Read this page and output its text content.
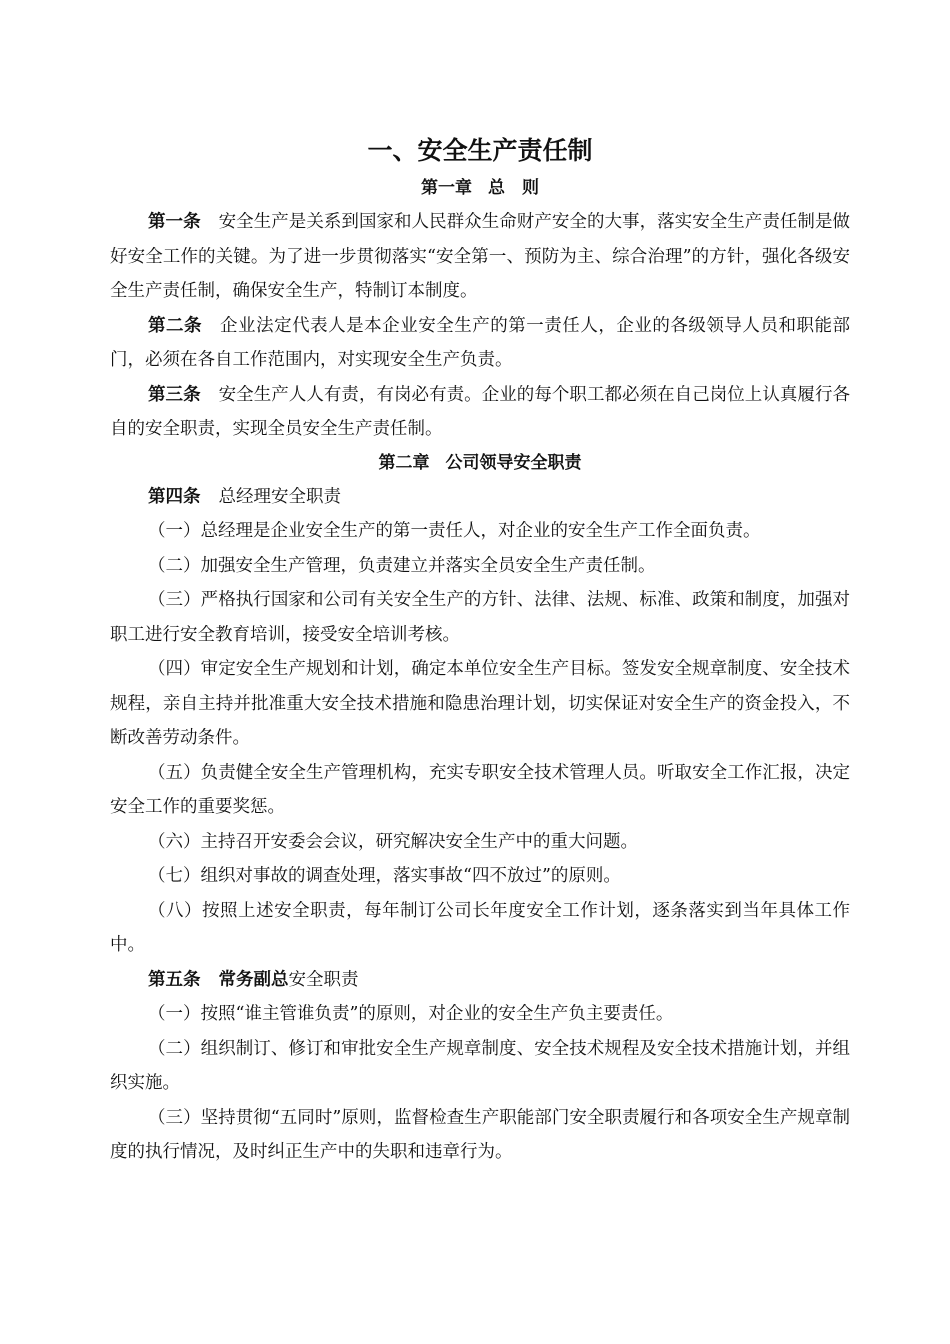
一、安全生产责任制
第一章 总　则

第一条 安全生产是关系到国家和人民群众生命财产安全的大事，落实安全生产责任制是做好安全工作的关键。为了进一步贯彻落实“安全第一、预防为主、综合治理”的方针，强化各级安全生产责任制，确保安全生产，特制订本制度。

第二条 企业法定代表人是本企业安全生产的第一责任人，企业的各级领导人员和职能部门，必须在各自工作范围内，对实现安全生产负责。

第三条 安全生产人人有责，有岗必有责。企业的每个职工都必须在自己岗位上认真履行各自的安全职责，实现全员安全生产责任制。

第二章 公司领导安全职责

第四条 总经理安全职责

（一）总经理是企业安全生产的第一责任人，对企业的安全生产工作全面负责。

（二）加强安全生产管理，负责建立并落实全员安全生产责任制。

（三）严格执行国家和公司有关安全生产的方针、法律、法规、标准、政策和制度，加强对职工进行安全教育培训，接受安全培训考核。

（四）审定安全生产规划和计划，确定本单位安全生产目标。签发安全规章制度、安全技术规程，亲自主持并批准重大安全技术措施和隐患治理计划，切实保证对安全生产的资金投入，不断改善劳动条件。

（五）负责健全安全生产管理机构，充实专职安全技术管理人员。听取安全工作汇报，决定安全工作的重要奖惩。

（六）主持召开安委会会议，研究解决安全生产中的重大问题。

（七）组织对事故的调查处理，落实事故“四不放过”的原则。

（八）按照上述安全职责，每年制订公司长年度安全工作计划，逐条落实到当年具体工作中。

第五条 常务副总安全职责

（一）按照“谁主管谁负责”的原则，对企业的安全生产负主要责任。

（二）组织制订、修订和审批安全生产规章制度、安全技术规程及安全技术措施计划，并组织实施。

（三）坚持贯彻“五同时”原则，监督检查生产职能部门安全职责履行和各项安全生产规章制度的执行情况，及时纠正生产中的失职和违章行为。
